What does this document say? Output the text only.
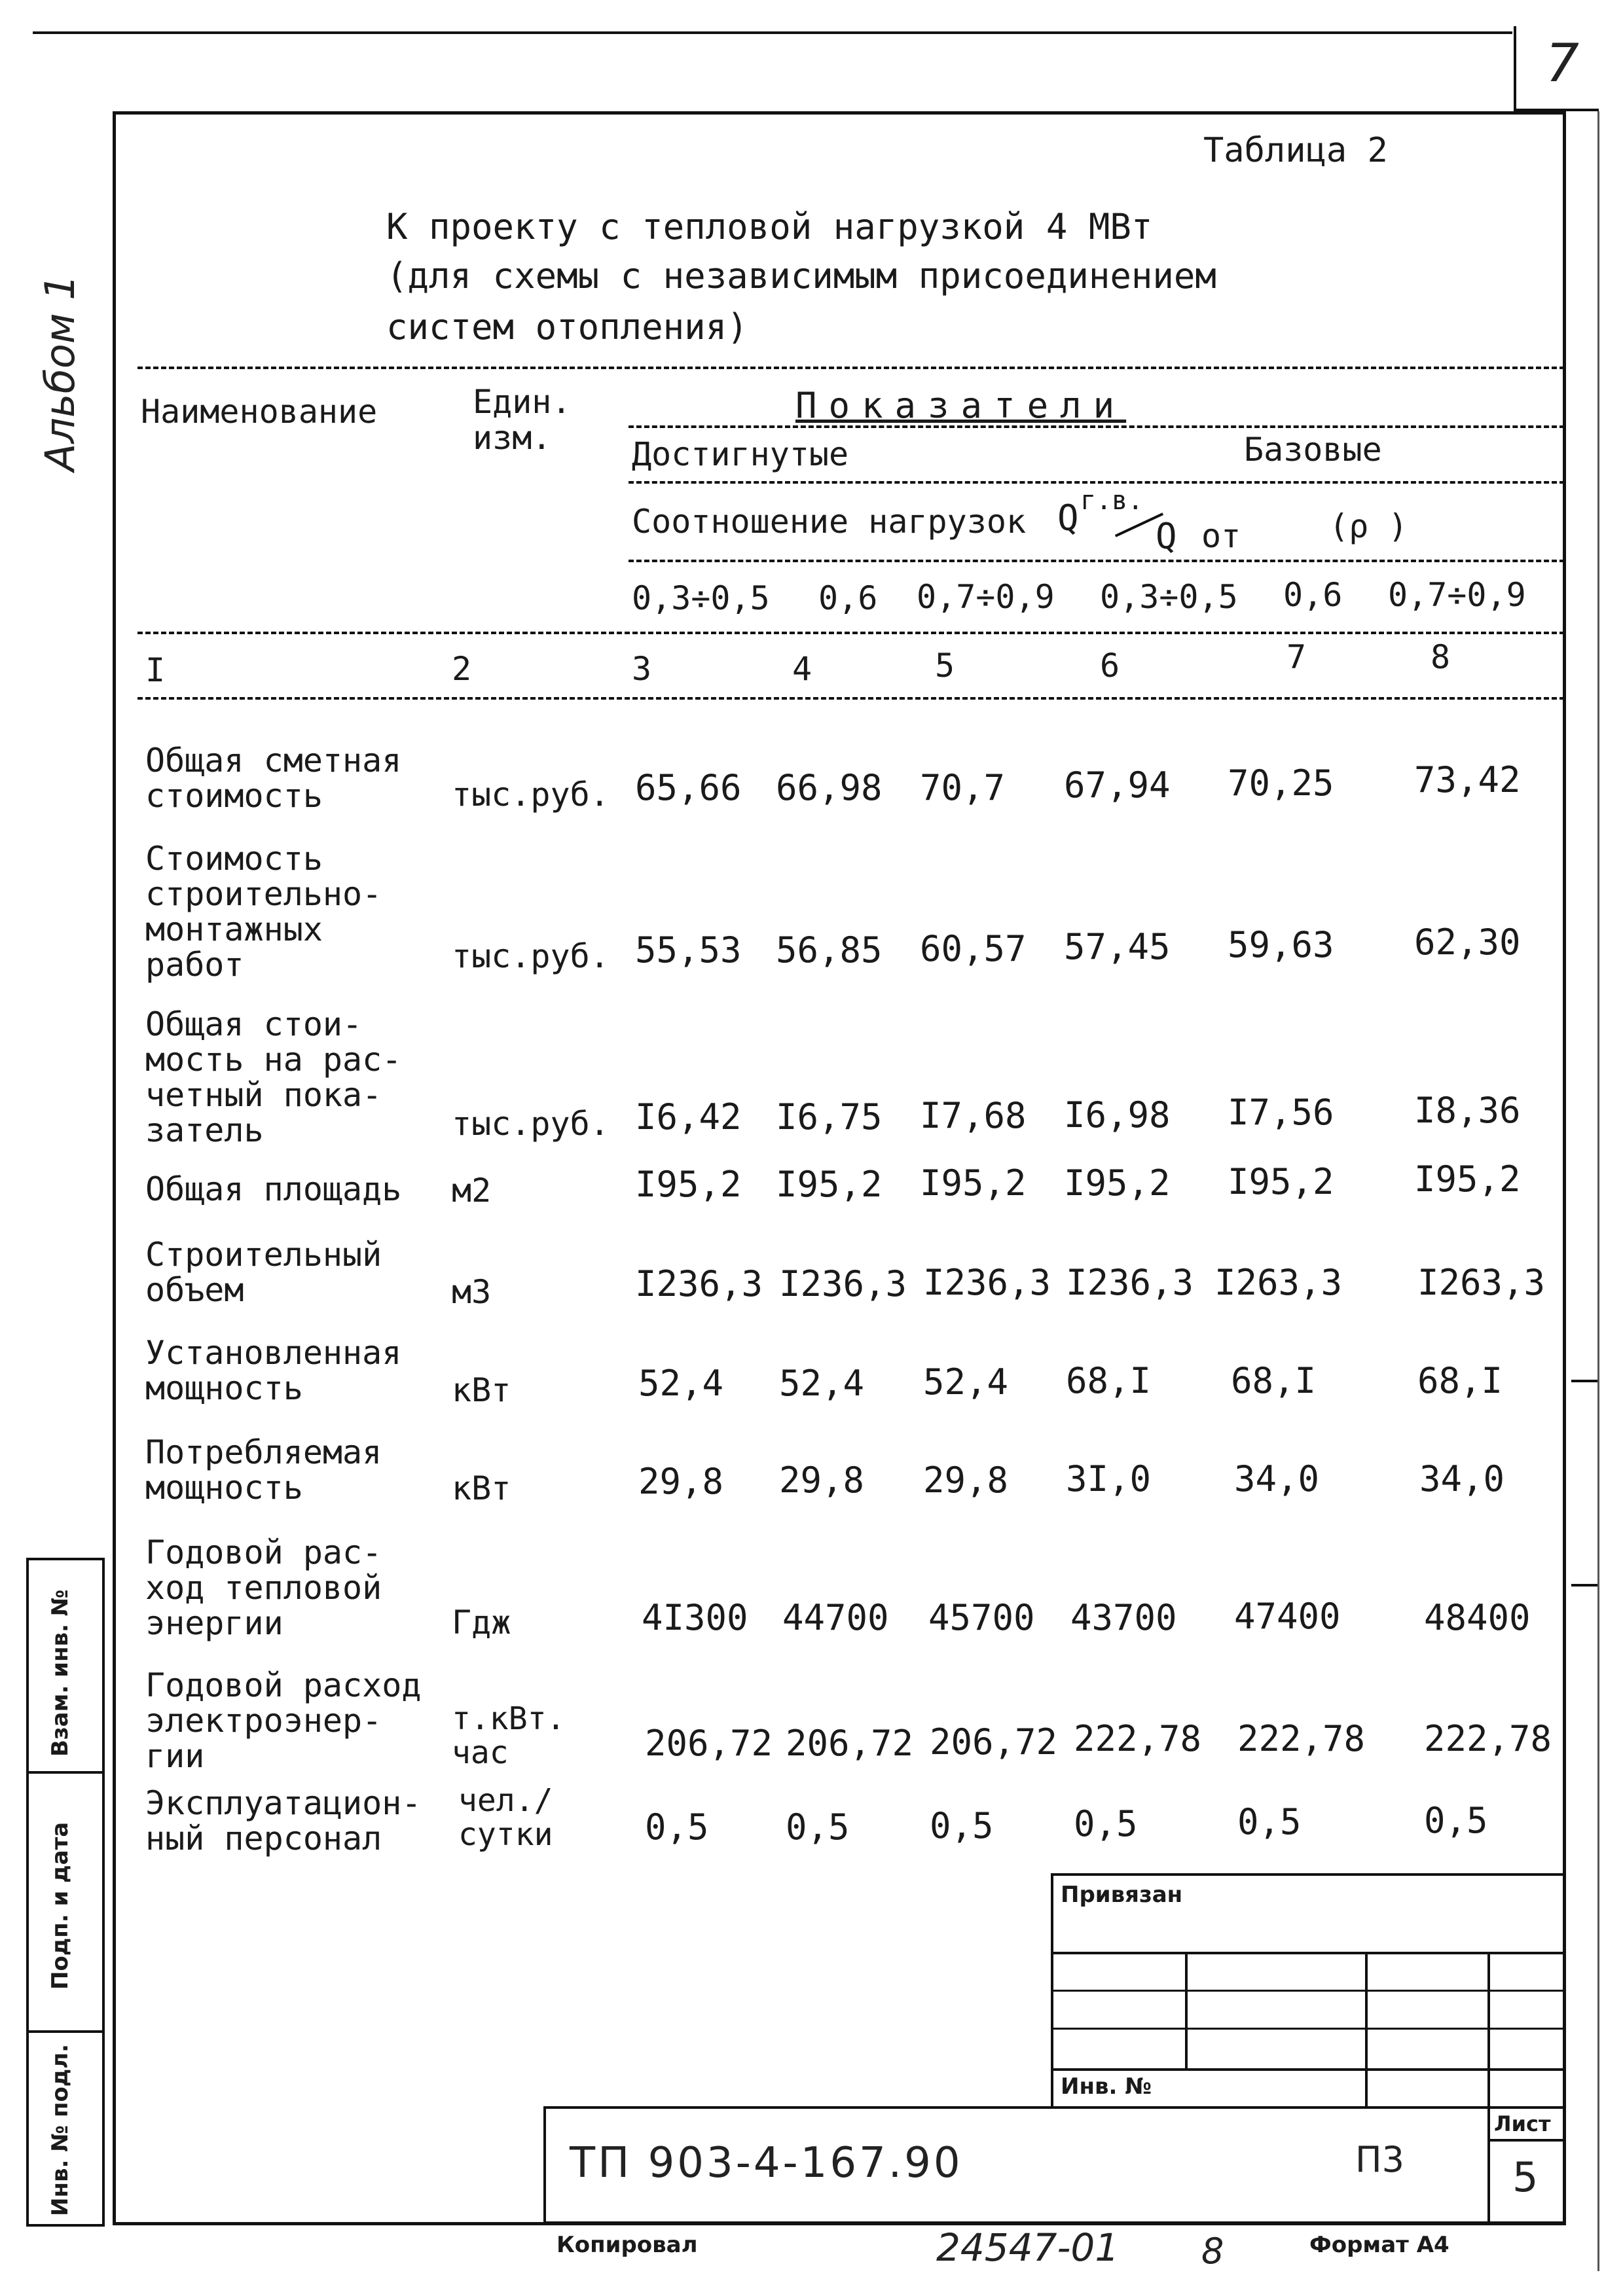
7
Альбом 1
Таблица 2
К проекту с тепловой нагрузкой 4 МВт
(для схемы с независимым присоединением
систем отопления)
Наименование	Един.
изм.
Показатели
Достигнутые	Базовые
Соотношение нагрузок Q г.в.
Q от	(ρ )
0,3÷0,5 0,6 0,7÷0,9 0,3÷0,5 0,6 0,7÷0,9
I	2	3	4	5	6	7	8
Общая сметная
стоимость	тыс.руб. 65,66 66,98 70,7 67,94 70,25 73,42
Стоимость
строительно-
монтажных
работ	тыс.руб. 55,53 56,85 60,57 57,45 59,63 62,30
Общая стои-
мость на рас-
четный пока-
затель	тыс.руб. I6,42 I6,75 I7,68 I6,98 I7,56 I8,36
Общая площадь м2	I95,2 I95,2 I95,2 I95,2 I95,2 I95,2
Строительный
объем	м3	I236,3 I236,3 I236,3 I236,3 I263,3 I263,3
Установленная
мощность	кВт	52,4 52,4 52,4 68,I 68,I	68,I
Потребляемая
мощность	кВт	29,8 29,8 29,8 3I,0 34,0	34,0
Годовой рас-
ход тепловой
энергии	Гдж	4I300 44700 45700 43700 47400 48400
Годовой расход
электроэнер-
гии
т.кВт.
час	206,72 206,72 206,72 222,78 222,78 222,78
Эксплуатацион-
ный персонал
чел./
сутки	0,5 0,5 0,5 0,5	0,5	0,5
Взам. инв. №
Подп. и дата
Инв. № подл.
Привязан
Инв. №
ТП 903-4-167.90	П3
Лист
5
Копировал	24547-01 8	Формат А4
